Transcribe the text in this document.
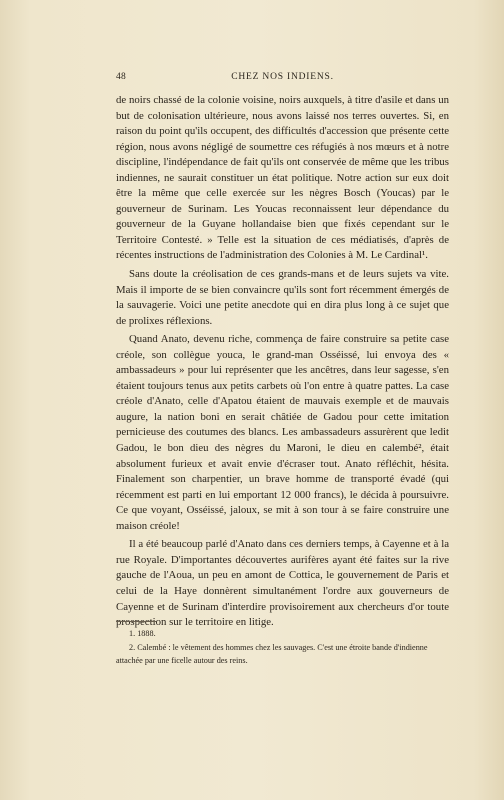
48	CHEZ NOS INDIENS.

de noirs chassé de la colonie voisine, noirs auxquels, à titre d'asile et dans un but de colonisation ultérieure, nous avons laissé nos terres ouvertes. Si, en raison du point qu'ils occupent, des difficultés d'accession que présente cette région, nous avons négligé de soumettre ces réfugiés à nos mœurs et à notre discipline, l'indépendance de fait qu'ils ont conservée de même que les tribus indiennes, ne saurait constituer un état politique. Notre action sur eux doit être la même que celle exercée sur les nègres Bosch (Youcas) par le gouverneur de Surinam. Les Youcas reconnaissent leur dépendance du gouverneur de la Guyane hollandaise bien que fixés cependant sur le Territoire Contesté. » Telle est la situation de ces médiatisés, d'après de récentes instructions de l'administration des Colonies à M. Le Cardinal¹.

Sans doute la créolisation de ces grands-mans et de leurs sujets va vite. Mais il importe de se bien convaincre qu'ils sont fort récemment émergés de la sauvagerie. Voici une petite anecdote qui en dira plus long à ce sujet que de prolixes réflexions.

Quand Anato, devenu riche, commença de faire construire sa petite case créole, son collègue youca, le grand-man Osséissé, lui envoya des « ambassadeurs » pour lui représenter que les ancêtres, dans leur sagesse, s'en étaient toujours tenus aux petits carbets où l'on entre à quatre pattes. La case créole d'Anato, celle d'Apatou étaient de mauvais exemple et de mauvais augure, la nation boni en serait châtiée de Gadou pour cette imitation pernicieuse des coutumes des blancs. Les ambassadeurs assurèrent que ledit Gadou, le bon dieu des nègres du Maroni, le dieu en calembé², était absolument furieux et avait envie d'écraser tout. Anato réfléchit, hésita. Finalement son charpentier, un brave homme de transporté évadé (qui récemment est parti en lui emportant 12 000 francs), le décida à poursuivre. Ce que voyant, Osséissé, jaloux, se mit à son tour à se faire construire une maison créole!

Il a été beaucoup parlé d'Anato dans ces derniers temps, à Cayenne et à la rue Royale. D'importantes découvertes aurifères ayant été faites sur la rive gauche de l'Aoua, un peu en amont de Cottica, le gouvernement de Paris et celui de la Haye donnèrent simultanément l'ordre aux gouverneurs de Cayenne et de Surinam d'interdire provisoirement aux chercheurs d'or toute prospection sur le territoire en litige.

1. 1888.

2. Calembé : le vêtement des hommes chez les sauvages. C'est une étroite bande d'indienne attachée par une ficelle autour des reins.
